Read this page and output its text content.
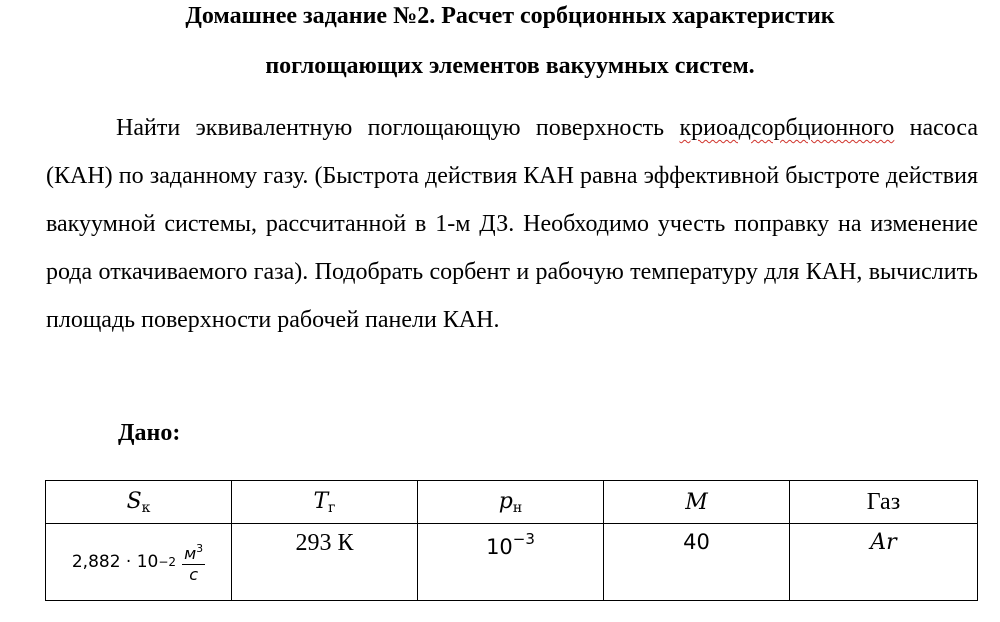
Домашнее задание №2. Расчет сорбционных характеристик
поглощающих элементов вакуумных систем.
Найти эквивалентную поглощающую поверхность криоадсорбционного насоса (КАН) по заданному газу. (Быстрота действия КАН равна эффективной быстроте действия вакуумной системы, рассчитанной в 1-м ДЗ. Необходимо учесть поправку на изменение рода откачиваемого газа). Подобрать сорбент и рабочую температуру для КАН, вычислить площадь поверхности рабочей панели КАН.
Дано:
Sк	Tг	pн	M	Газ

$2,882 \cdot 10 -2 \frac{м^3}{с}$	293 К	$10^{-3}$	40	Ar
